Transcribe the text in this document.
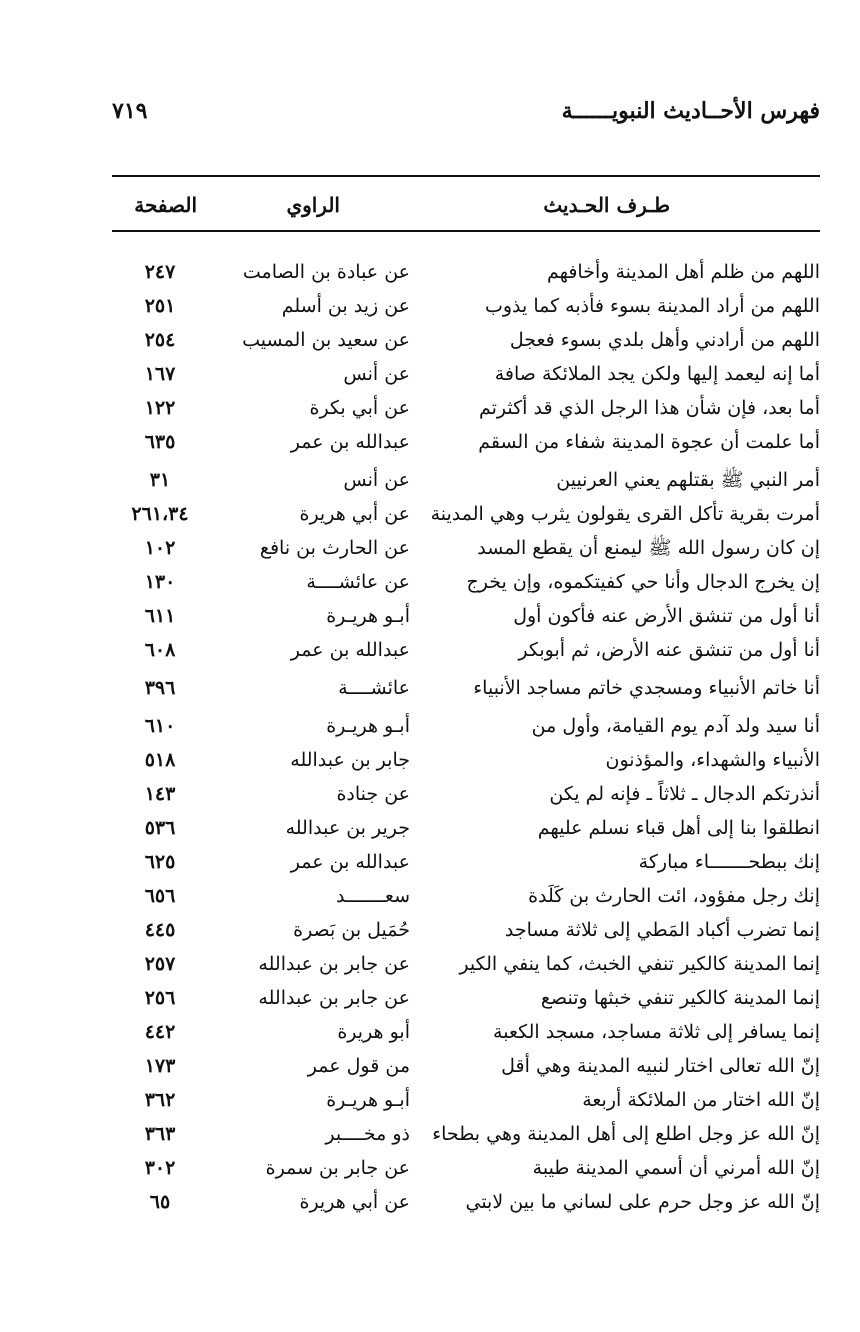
فهرس الأحــاديث النبويــــــة
٧١٩
طـرف الحـديث
الراوي
الصفحة
اللهم من ظلم أهل المدينة وأخافهم
عن عبادة بن الصامت
٢٤٧
اللهم من أراد المدينة بسوء فأذبه كما يذوب
عن زيد بن أسلم
٢٥١
اللهم من أرادني وأهل بلدي بسوء فعجل
عن سعيد بن المسيب
٢٥٤
أما إنه ليعمد إليها ولكن يجد الملائكة صافة
عن أنس
١٦٧
أما بعد، فإن شأن هذا الرجل الذي قد أكثرتم
عن أبي بكرة
١٢٢
أما علمت أن عجوة المدينة شفاء من السقم
عبدالله بن عمر
٦٣٥
أمر النبي ﷺ بقتلهم يعني العرنيين
عن أنس
٣١
أمرت بقرية تأكل القرى يقولون يثرب وهي المدينة
عن أبي هريرة
٢٦١،٣٤
إن كان رسول الله ﷺ ليمنع أن يقطع المسد
عن الحارث بن نافع
١٠٢
إن يخرج الدجال وأنا حي كفيتكموه، وإن يخرج
عن عائشــــة
١٣٠
أنا أول من تنشق الأرض عنه فأكون أول
أبـو هريـرة
٦١١
أنا أول من تنشق عنه الأرض، ثم أبوبكر
عبدالله بن عمر
٦٠٨
أنا خاتم الأنبياء ومسجدي خاتم مساجد الأنبياء
عائشــــة
٣٩٦
أنا سيد ولد آدم يوم القيامة، وأول من
أبـو هريـرة
٦١٠
الأنبياء والشهداء، والمؤذنون
جابر بن عبدالله
٥١٨
أنذرتكم الدجال ـ ثلاثاً ـ فإنه لم يكن
عن جنادة
١٤٣
انطلقوا بنا إلى أهل قباء نسلم عليهم
جرير بن عبدالله
٥٣٦
إنك ببطحـــــــاء مباركة
عبدالله بن عمر
٦٢٥
إنك رجل مفؤود، ائت الحارث بن كَلَدة
سعـــــــد
٦٥٦
إنما تضرب أكباد المَطي إلى ثلاثة مساجد
حُمَيل بن بَصرة
٤٤٥
إنما المدينة كالكير تنفي الخبث، كما ينفي الكير
عن جابر بن عبدالله
٢٥٧
إنما المدينة كالكير تنفي خبثها وتنصع
عن جابر بن عبدالله
٢٥٦
إنما يسافر إلى ثلاثة مساجد، مسجد الكعبة
أبو هريرة
٤٤٢
إنّ الله تعالى اختار لنبيه المدينة وهي أقل
من قول عمر
١٧٣
إنّ الله اختار من الملائكة أربعة
أبـو هريـرة
٣٦٢
إنّ الله عز وجل اطلع إلى أهل المدينة وهي بطحاء
ذو مخــــبر
٣٦٣
إنّ الله أمرني أن أسمي المدينة طيبة
عن جابر بن سمرة
٣٠٢
إنّ الله عز وجل حرم على لساني ما بين لابتي
عن أبي هريرة
٦٥
